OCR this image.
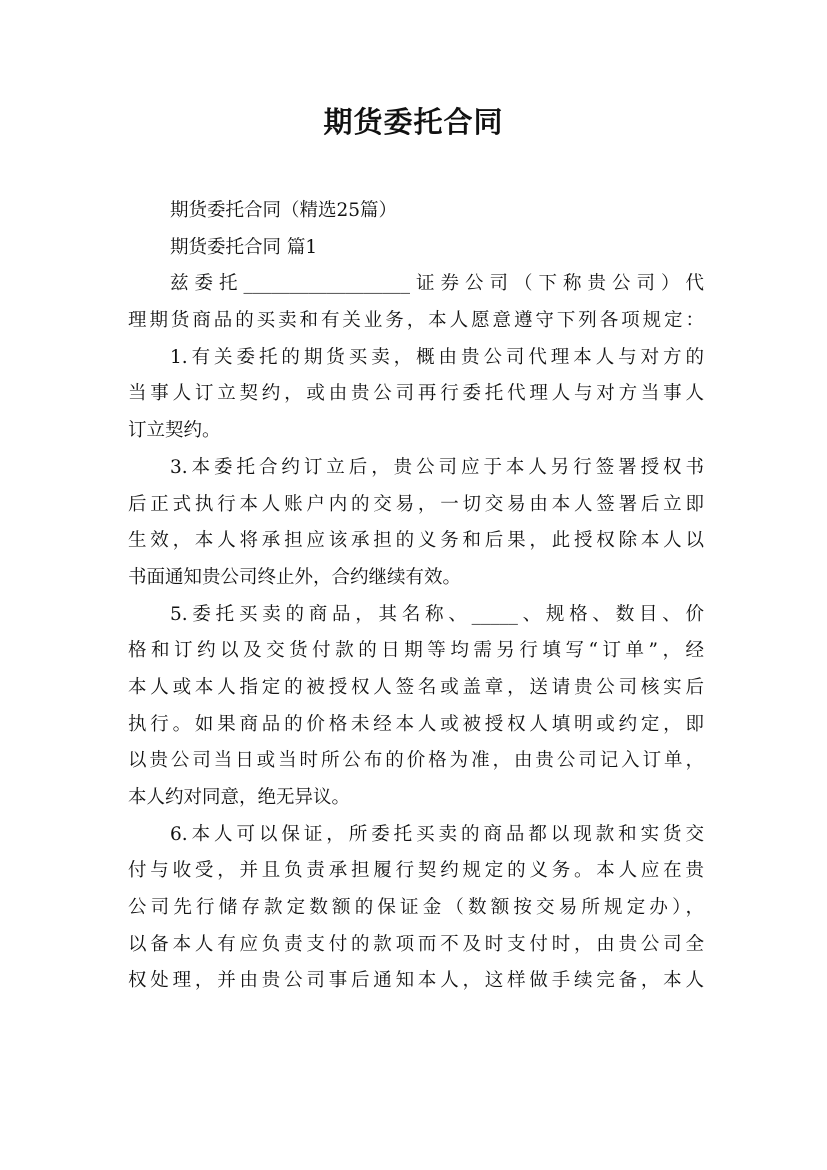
期货委托合同
期货委托合同（精选25篇）
期货委托合同 篇1
兹委托__________________证券公司（下称贵公司）代
理期货商品的买卖和有关业务，本人愿意遵守下列各项规定：
1.有关委托的期货买卖，概由贵公司代理本人与对方的
当事人订立契约，或由贵公司再行委托代理人与对方当事人
订立契约。
3.本委托合约订立后，贵公司应于本人另行签署授权书
后正式执行本人账户内的交易，一切交易由本人签署后立即
生效，本人将承担应该承担的义务和后果，此授权除本人以
书面通知贵公司终止外，合约继续有效。
5.委托买卖的商品，其名称、_____、规格、数目、价
格和订约以及交货付款的日期等均需另行填写“订单”，经
本人或本人指定的被授权人签名或盖章，送请贵公司核实后
执行。如果商品的价格未经本人或被授权人填明或约定，即
以贵公司当日或当时所公布的价格为准，由贵公司记入订单，
本人约对同意，绝无异议。
6.本人可以保证，所委托买卖的商品都以现款和实货交
付与收受，并且负责承担履行契约规定的义务。本人应在贵
公司先行储存款定数额的保证金（数额按交易所规定办），
以备本人有应负责支付的款项而不及时支付时，由贵公司全
权处理，并由贵公司事后通知本人，这样做手续完备，本人
